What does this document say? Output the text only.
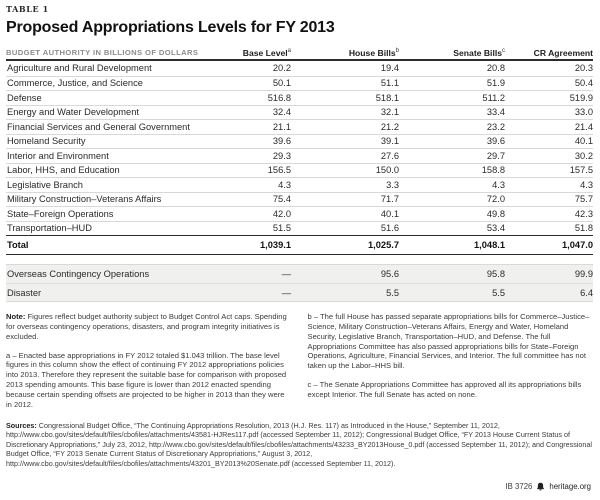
TABLE 1
Proposed Appropriations Levels for FY 2013
BUDGET AUTHORITY IN BILLIONS OF DOLLARS	Base Level$^a$	House Bills$^b$	Senate Bills$^c$	CR Agreement
Agriculture and Rural Development	20.2	19.4	20.8	20.3
Commerce, Justice, and Science	50.1	51.1	51.9	50.4
Defense	516.8	518.1	511.2	519.9
Energy and Water Development	32.4	32.1	33.4	33.0
Financial Services and General Government	21.1	21.2	23.2	21.4
Homeland Security	39.6	39.1	39.6	40.1
Interior and Environment	29.3	27.6	29.7	30.2
Labor, HHS, and Education	156.5	150.0	158.8	157.5
Legislative Branch	4.3	3.3	4.3	4.3
Military Construction–Veterans Affairs	75.4	71.7	72.0	75.7
State–Foreign Operations	42.0	40.1	49.8	42.3
Transportation–HUD	51.5	51.6	53.4	51.8
Total	1,039.1	1,025.7	1,048.1	1,047.0
Overseas Contingency Operations	—	95.6	95.8	99.9
Disaster	—	5.5	5.5	6.4

Note: Figures reflect budget authority subject to Budget Control Act caps. Spending for overseas contingency operations, disasters, and program integrity initiatives is excluded.

a – Enacted base appropriations in FY 2012 totaled $1.043 trillion. The base level figures in this column show the effect of continuing FY 2012 appropriations policies into 2013. Therefore they represent the suitable base for comparison with proposed 2013 spending amounts. This base figure is lower than 2012 enacted spending because certain spending offsets are projected to be higher in 2013 than they were in 2012.

b – The full House has passed separate appropriations bills for Commerce–Justice–Science, Military Construction–Veterans Affairs, Energy and Water, Homeland Security, Legislative Branch, Transportation–HUD, and Defense. The full Appropriations Committee has also passed appropriations bills for State–Foreign Operations, Agriculture, Financial Services, and Interior. The full committee has not taken up the Labor–HHS bill.

c – The Senate Appropriations Committee has approved all its appropriations bills except Interior. The full Senate has acted on none.

Sources: Congressional Budget Office, “The Continuing Appropriations Resolution, 2013 (H.J. Res. 117) as Introduced in the House,” September 11, 2012, http://www.cbo.gov/sites/default/files/cbofiles/attachments/43581-HJRes117.pdf (accessed September 11, 2012); Congressional Budget Office, “FY 2013 House Current Status of Discretionary Appropriations,” July 23, 2012, http://www.cbo.gov/sites/default/files/cbofiles/attachments/43233_BY2013House_0.pdf (accessed September 11, 2012); and Congressional Budget Office, “FY 2013 Senate Current Status of Discretionary Appropriations,” August 3, 2012, http://www.cbo.gov/sites/default/files/cbofiles/attachments/43201_BY2013%20Senate.pdf (accessed September 11, 2012).

IB 3726 heritage.org
